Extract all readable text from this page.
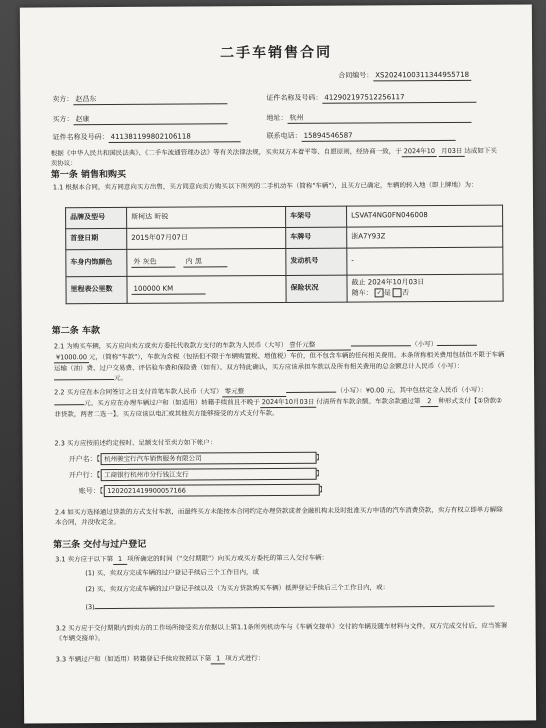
二手车销售合同
合同编号： XS2024100311344955718
卖方： 赵昌东	证件名称及号码： 412902197512256117
买方： 赵康	地址： 杭州
证件名称及号码： 411381199802106118	联系电话： 15894546587
根据《中华人民共和国民法典》、《二手车流通管理办法》等有关法律法规，买卖双方本着平等、自愿原则，经协商一致，于 2024年10 月03日 达成如下买卖协议：
第一条 销售和购买
1.1 根据本合同，卖方同意向买方出售，买方同意向卖方购买以下所列的二手机动车（简称"车辆"），且买方已确定，车辆的转入地（即上牌地）为：
品牌及型号	斯柯达 昕锐	车架号	LSVAT4NG0FN046008
首登日期	2015年07月07日	车牌号	浙A7Y93Z
车身内饰颜色	外 灰色 内 黑	发动机号	-
里程表公里数	100000 KM	保险状况	截止 2024年10月03日
随车： ✓ 是 否
第二条 车款
2.1 为购买车辆，买方应向卖方或卖方委托代收款方支付的车款为人民币（大写） 壹仟元整	（小写） ¥1000.00 元，（简称"车款"），车款为含税（包括但不限于车辆购置税、增值税）车价，但不包含车辆的任何相关费用。本条所称相关费用包括但不限于车辆运输（油）费、过户交易费、评估验车费和保险费（如有）。双方特此确认，买方应该承担车款以及所有相关费用的总金额总计人民币（小写）：元。
2.2 买方应在本合同签订之日支付首笔车款人民币（大写） 零元整	（小写）：¥0.00 元，其中包括定金人民币（小写）：元。买方应在办理车辆过户和（如适用）转籍手续前且不晚于 2024年10月03日 付清所有车款余额。车款余款通过第 2 种形式支付【①贷款②非贷款，两者二选一】。买方应该以电汇或其他卖方能够接受的方式支付车款。
2.3 买方应按前述约定按时、足额支付至卖方如下帐户：
开户名：【 杭州骏宝行汽车销售服务有限公司	】
开户行：【 工商银行杭州市分行钱江支行	】
账号：【 1202021419900057166	】
2.4 如买方选择通过贷款的方式支付车款，而最终买方未能按本合同约定办理贷款或者金融机构未及时批准买方申请的汽车消费贷款，卖方有权立即单方解除本合同，并没收定金。
第三条 交付与过户登记
3.1 卖方应于以下第 1 项所确定的时间（"交付期限"）向买方或买方委托的第三人交付车辆：
(1) 买、卖双方完成车辆的过户登记手续后三个工作日内，或
(2) 买、卖双方完成车辆的过户登记手续以及（为买方贷款购买车辆）抵押登记手续后三个工作日内，或：
(3)
3.2 买方应于交付期限内到卖方的工作场所接受卖方依据以上第1.1条所列机动车与《车辆交接单》交付的车辆及随车材料与文件，双方完成交付后，应当签署《车辆交接单》。
3.3 车辆过户和（如适用）转籍登记手续应按照以下第 1 项方式进行：
